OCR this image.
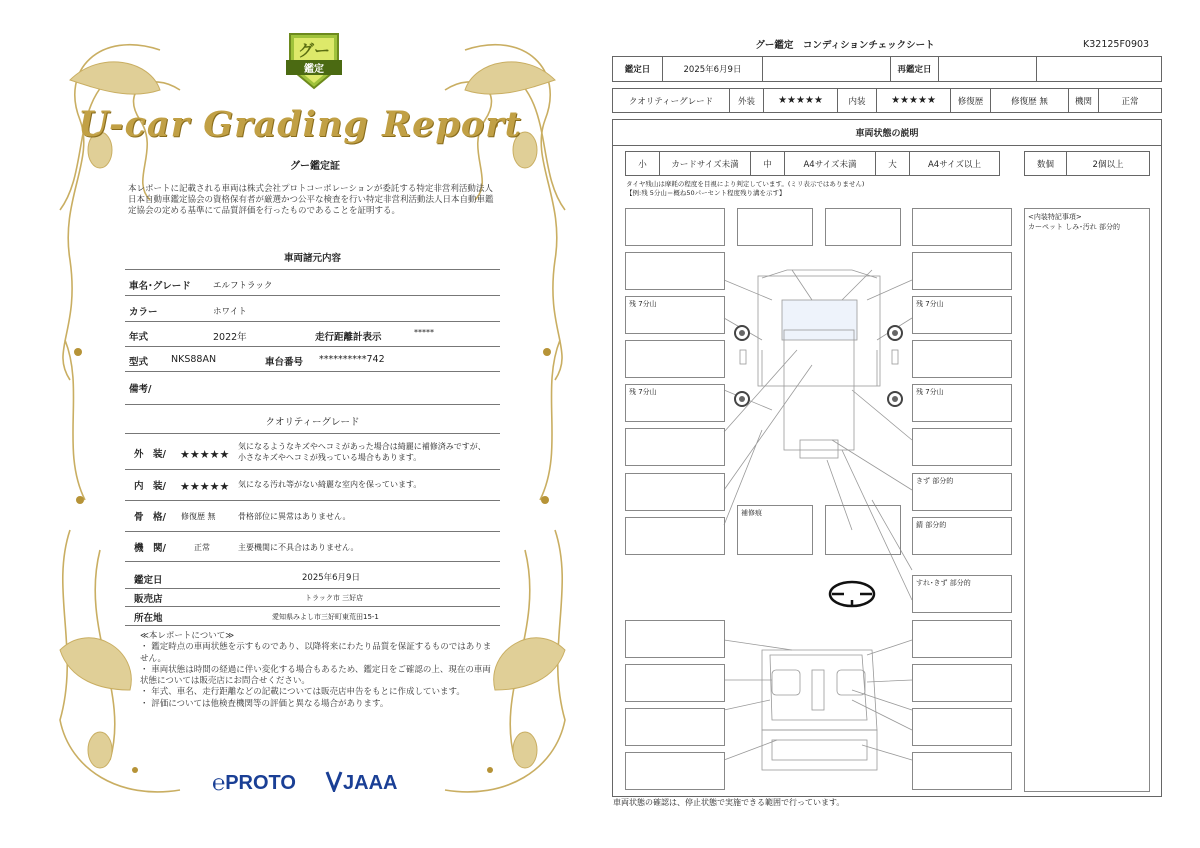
グー
鑑定
U-car Grading Report
グー鑑定証
本レポートに記載される車両は株式会社プロトコーポレーションが委託する特定非営利活動法人日本自動車鑑定協会の資格保有者が厳選かつ公平な検査を行い特定非営利活動法人日本自動車鑑定協会の定める基準にて品質評価を行ったものであることを証明する。
車両諸元内容
車名･グレード	エルフトラック
カラー	ホワイト
年式	2022年	走行距離計表示	*****
型式 NKS88AN	車台番号 **********742
備考/
クオリティーグレード
外　装/ ★★★★★
気になるようなキズやヘコミがあった場合は綺麗に補修済みですが、小さなキズやヘコミが残っている場合もあります。
内　装/ ★★★★★ 気になる汚れ等がない綺麗な室内を保っています。
骨　格/ 修復歴 無	骨格部位に異常はありません。
機　関/	正常	主要機関に不具合はありません。
鑑定日	2025年6月9日
販売店	トラック市 三好店
所在地	愛知県みよし市三好町東荒田15-1
≪本レポートについて≫
・ 鑑定時点の車両状態を示すものであり、以降将来にわたり品質を保証するものではありません。
・ 車両状態は時間の経過に伴い変化する場合もあるため、鑑定日をご確認の上、現在の車両状態については販売店にお問合せください。
・ 年式、車名、走行距離などの記載については販売店申告をもとに作成しています。
・ 評価については他検査機関等の評価と異なる場合があります。
℮PROTO	JAAA
グー鑑定　コンディションチェックシート	K32125F0903
鑑定日	2025年6月9日	再鑑定日
クオリティーグレード	外装	★★★★★	内装	★★★★★	修復歴	修復歴 無	機関	正常
車両状態の説明
小	カードサイズ未満	中	A4サイズ未満	大	A4サイズ以上	数個	2個以上
タイヤ残山は摩耗の程度を目視により判定しています。(ミリ表示ではありません)
【例:残 5分山＝概ね50パーセント程度残り溝を示す】
残 7分山
残 7分山
補修痕
残 7分山
残 7分山
きず 部分的
錆 部分的
すれ･きず 部分的
<内装特記事項>
カーペット しみ･汚れ 部分的
車両状態の確認は、停止状態で実施できる範囲で行っています。
